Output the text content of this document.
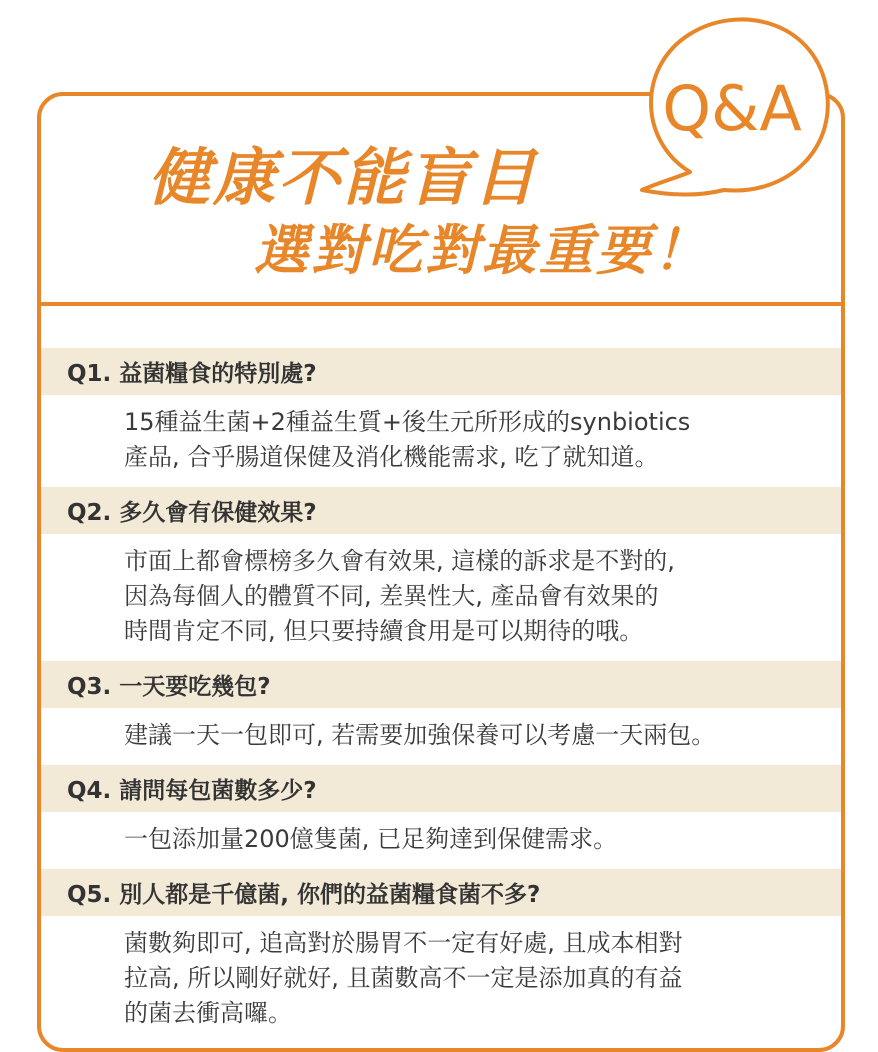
Q&A
健康不能盲目
選對吃對最重要！
Q1. 益菌糧食的特別處?
15種益生菌+2種益生質+後生元所形成的synbiotics
產品, 合乎腸道保健及消化機能需求, 吃了就知道。
Q2. 多久會有保健效果?
市面上都會標榜多久會有效果, 這樣的訴求是不對的,
因為每個人的體質不同, 差異性大, 產品會有效果的
時間肯定不同, 但只要持續食用是可以期待的哦。
Q3. 一天要吃幾包?
建議一天一包即可, 若需要加強保養可以考慮一天兩包。
Q4. 請問每包菌數多少?
一包添加量200億隻菌, 已足夠達到保健需求。
Q5. 別人都是千億菌, 你們的益菌糧食菌不多?
菌數夠即可, 追高對於腸胃不一定有好處, 且成本相對
拉高, 所以剛好就好, 且菌數高不一定是添加真的有益
的菌去衝高囉。
